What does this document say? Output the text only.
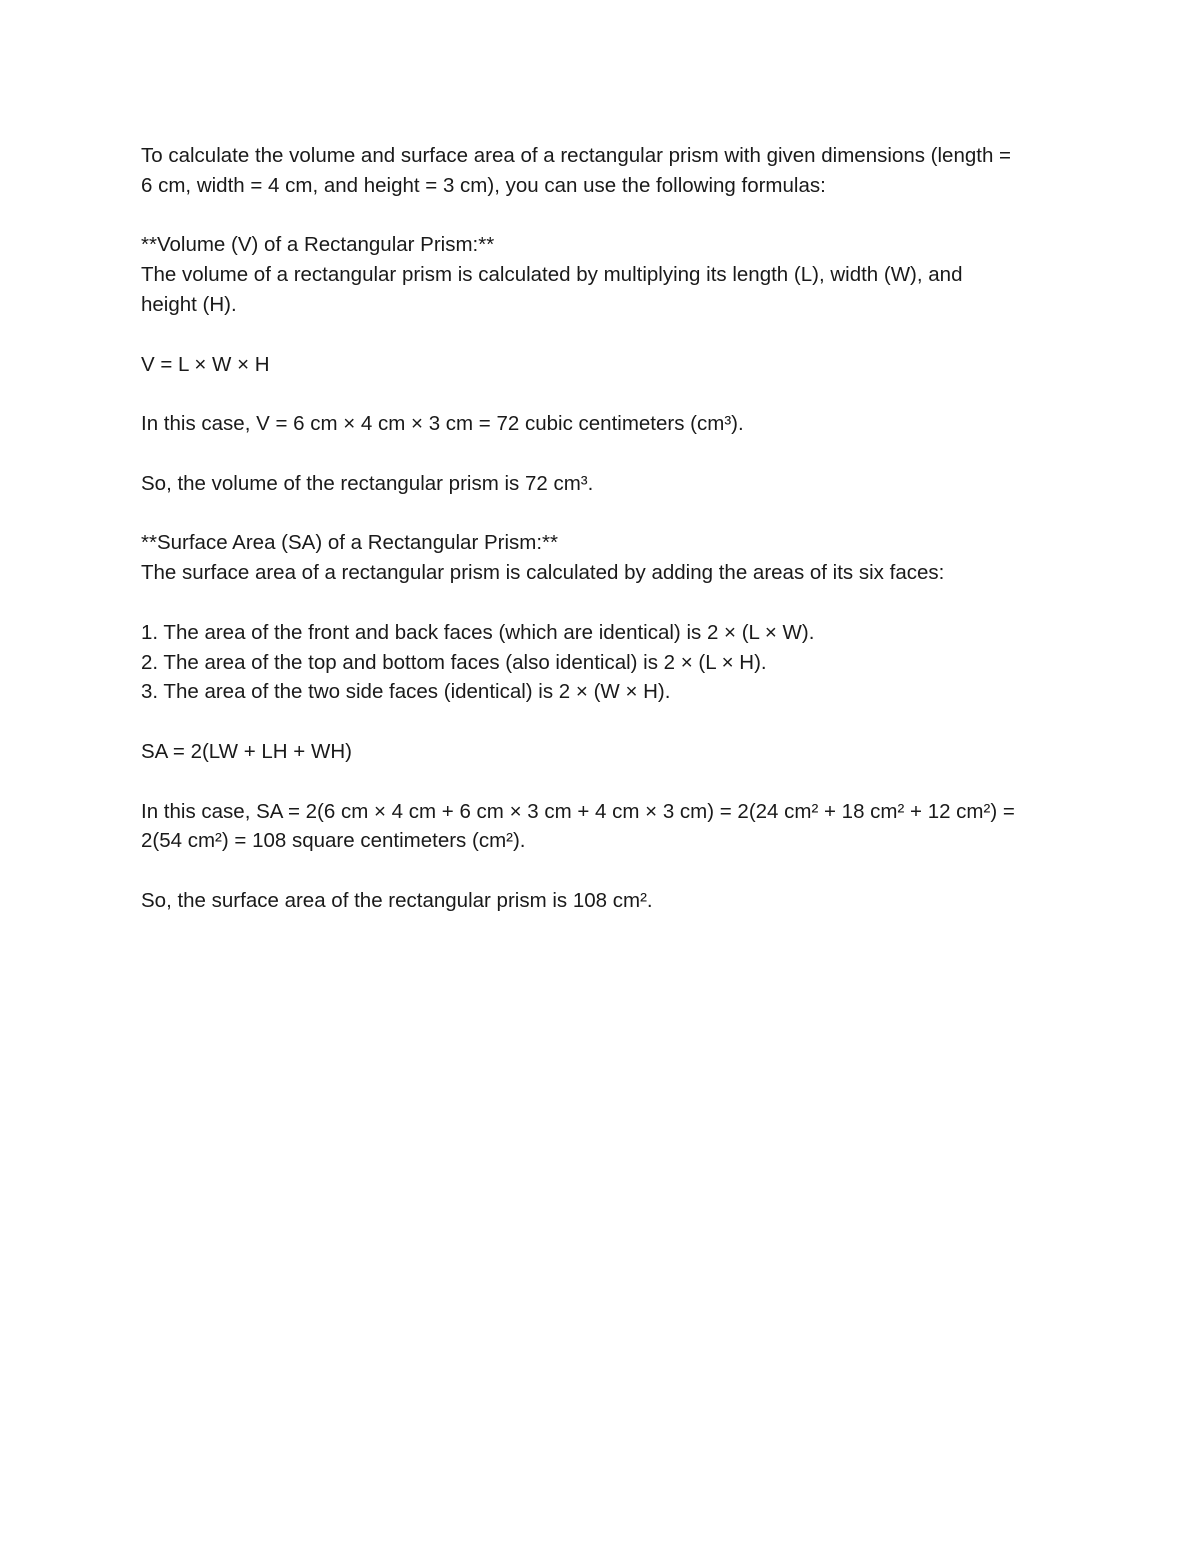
To calculate the volume and surface area of a rectangular prism with given dimensions (length =
6 cm, width = 4 cm, and height = 3 cm), you can use the following formulas:
**Volume (V) of a Rectangular Prism:**
The volume of a rectangular prism is calculated by multiplying its length (L), width (W), and
height (H).
V = L × W × H
In this case, V = 6 cm × 4 cm × 3 cm = 72 cubic centimeters (cm³).
So, the volume of the rectangular prism is 72 cm³.
**Surface Area (SA) of a Rectangular Prism:**
The surface area of a rectangular prism is calculated by adding the areas of its six faces:
1. The area of the front and back faces (which are identical) is 2 × (L × W).
2. The area of the top and bottom faces (also identical) is 2 × (L × H).
3. The area of the two side faces (identical) is 2 × (W × H).
SA = 2(LW + LH + WH)
In this case, SA = 2(6 cm × 4 cm + 6 cm × 3 cm + 4 cm × 3 cm) = 2(24 cm² + 18 cm² + 12 cm²) =
2(54 cm²) = 108 square centimeters (cm²).
So, the surface area of the rectangular prism is 108 cm².
